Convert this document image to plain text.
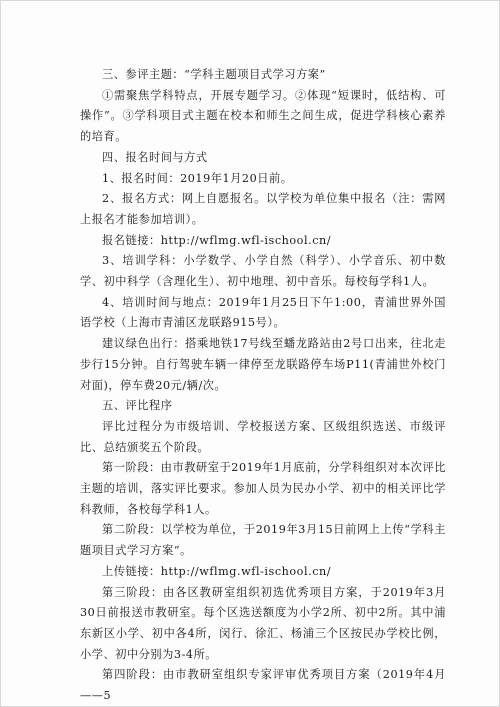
三、参评主题：“学科主题项目式学习方案”

①需聚焦学科特点，开展专题学习。②体现“短课时，低结构、可操作”。③学科项目式主题在校本和师生之间生成，促进学科核心素养的培育。

四、报名时间与方式

1、报名时间：2019年1月20日前。

2、报名方式：网上自愿报名。以学校为单位集中报名（注：需网上报名才能参加培训）。

报名链接：http://wflmg.wfl-ischool.cn/

3、培训学科：小学数学、小学自然（科学）、小学音乐、初中数学、初中科学（含理化生）、初中地理、初中音乐。每校每学科1人。

4、培训时间与地点：2019年1月25日下午1:00，青浦世界外国语学校（上海市青浦区龙联路915号）。

建议绿色出行：搭乘地铁17号线至蟠龙路站由2号口出来，往北走步行15分钟。自行驾驶车辆一律停至龙联路停车场P11(青浦世外校门对面)，停车费20元/辆/次。

五、评比程序

评比过程分为市级培训、学校报送方案、区级组织选送、市级评比、总结颁奖五个阶段。

第一阶段：由市教研室于2019年1月底前，分学科组织对本次评比主题的培训，落实评比要求。参加人员为民办小学、初中的相关评比学科教师，各校每学科1人。

第二阶段：以学校为单位，于2019年3月15日前网上上传“学科主题项目式学习方案”。

上传链接：http://wflmg.wfl-ischool.cn/

第三阶段：由各区教研室组织初选优秀项目方案，于2019年3月30日前报送市教研室。每个区选送额度为小学2所、初中2所。其中浦东新区小学、初中各4所，闵行、徐汇、杨浦三个区按民办学校比例，小学、初中分别为3-4所。

第四阶段：由市教研室组织专家评审优秀项目方案（2019年4月——5
